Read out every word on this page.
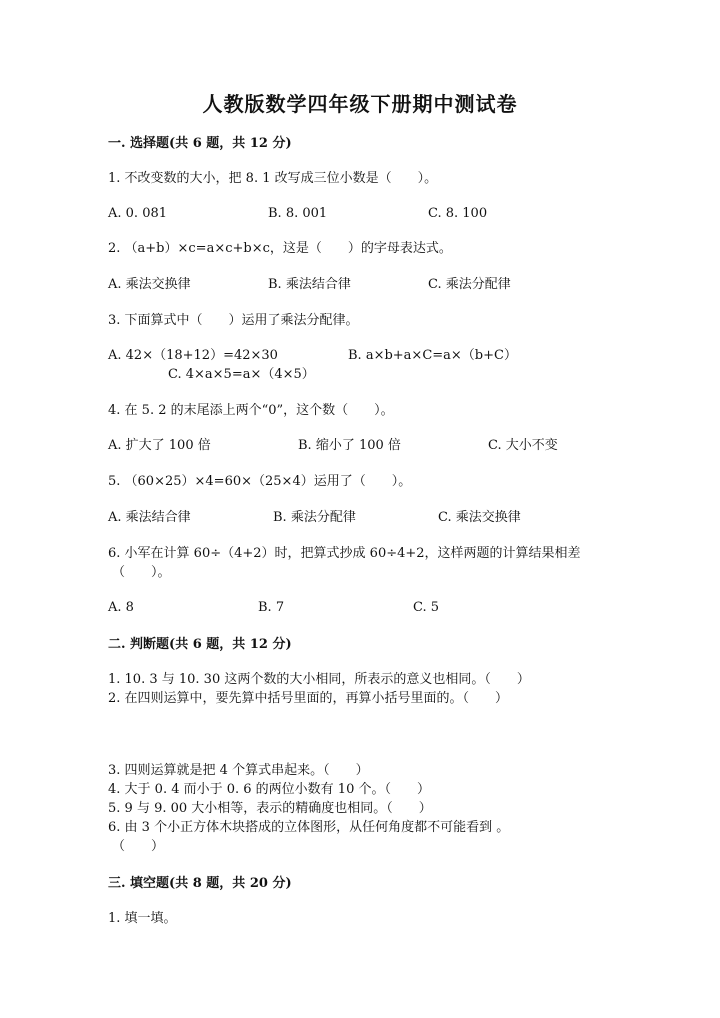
人教版数学四年级下册期中测试卷
一. 选择题(共 6 题，共 12 分)
1. 不改变数的大小，把 8. 1 改写成三位小数是（　　）。
A. 0. 081	B. 8. 001	C. 8. 100
2. （a+b）×c=a×c+b×c，这是（　　）的字母表达式。
A. 乘法交换律	B. 乘法结合律	C. 乘法分配律
3. 下面算式中（　　）运用了乘法分配律。
A. 42×（18+12）=42×30	B. a×b+a×C=a×（b+C）
C. 4×a×5=a×（4×5）
4. 在 5. 2 的末尾添上两个“0”，这个数（　　）。
A. 扩大了 100 倍	B. 缩小了 100 倍	C. 大小不变
5. （60×25）×4=60×（25×4）运用了（　　）。
A. 乘法结合律	B. 乘法分配律	C. 乘法交换律
6. 小军在计算 60÷（4+2）时，把算式抄成 60÷4+2，这样两题的计算结果相差
（　　）。
A. 8	B. 7	C. 5
二. 判断题(共 6 题，共 12 分)
1. 10. 3 与 10. 30 这两个数的大小相同，所表示的意义也相同。（　　）
2. 在四则运算中，要先算中括号里面的，再算小括号里面的。（　　）
3. 四则运算就是把 4 个算式串起来。（　　）
4. 大于 0. 4 而小于 0. 6 的两位小数有 10 个。（　　）
5. 9 与 9. 00 大小相等，表示的精确度也相同。（　　）
6. 由 3 个小正方体木块搭成的立体图形，从任何角度都不可能看到 。
（　　）
三. 填空题(共 8 题，共 20 分)
1. 填一填。
